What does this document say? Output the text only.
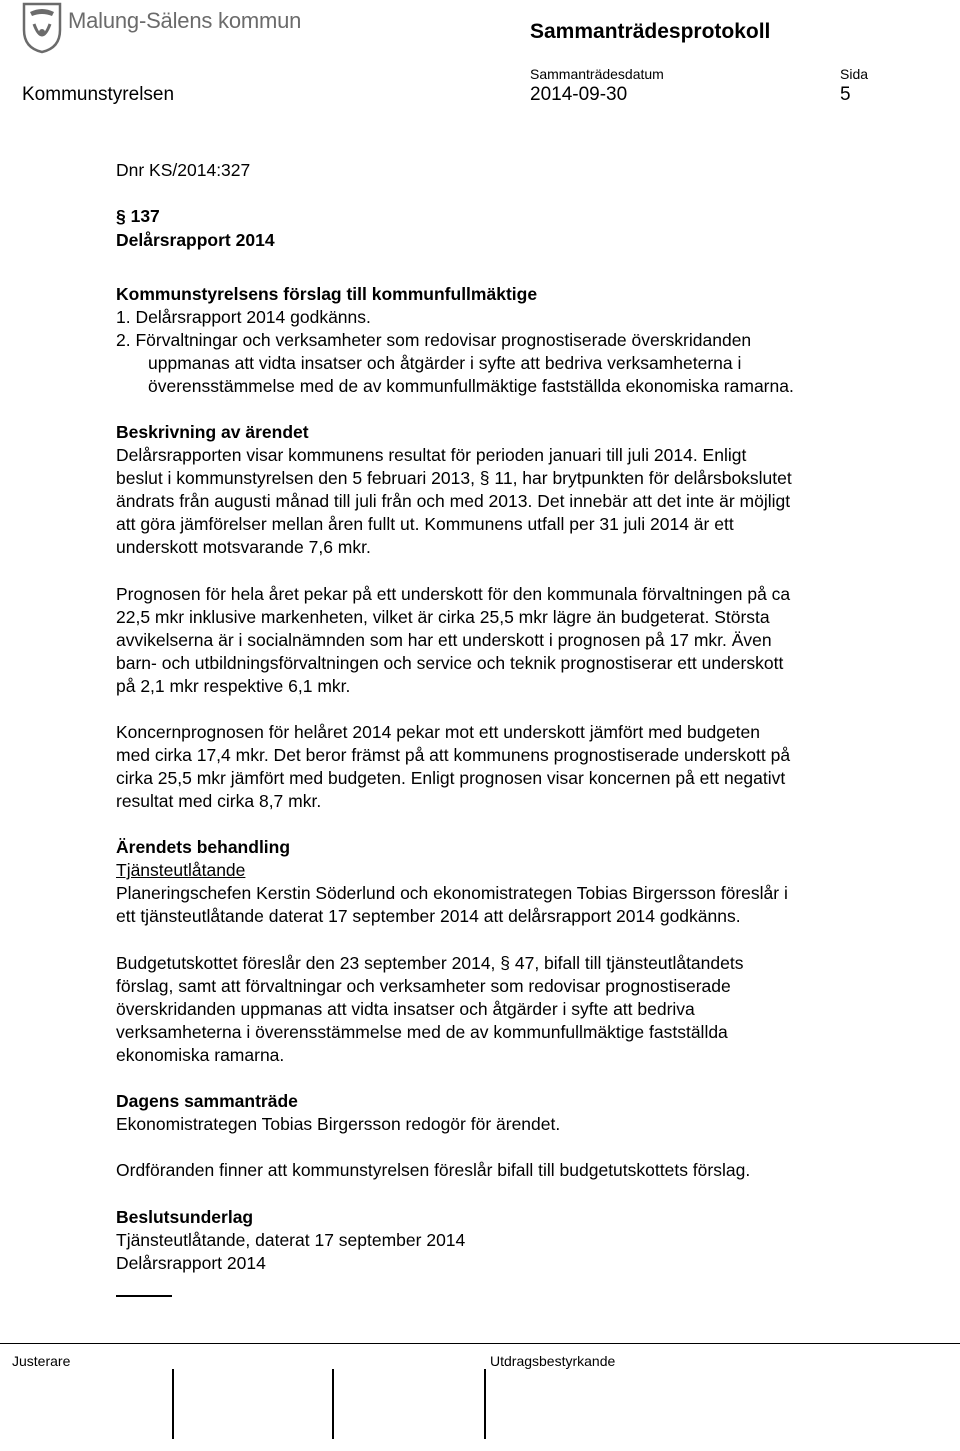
Malung-Sälens kommun	Sammanträdesprotokoll
Kommunstyrelsen
Sammanträdesdatum
2014-09-30
Sida
5
Dnr KS/2014:327
§ 137
Delårsrapport 2014
Kommunstyrelsens förslag till kommunfullmäktige
1. Delårsrapport 2014 godkänns.
2. Förvaltningar och verksamheter som redovisar prognostiserade överskridanden
uppmanas att vidta insatser och åtgärder i syfte att bedriva verksamheterna i
överensstämmelse med de av kommunfullmäktige fastställda ekonomiska ramarna.
Beskrivning av ärendet
Delårsrapporten visar kommunens resultat för perioden januari till juli 2014. Enligt
beslut i kommunstyrelsen den 5 februari 2013, § 11, har brytpunkten för delårsbokslutet
ändrats från augusti månad till juli från och med 2013. Det innebär att det inte är möjligt
att göra jämförelser mellan åren fullt ut. Kommunens utfall per 31 juli 2014 är ett
underskott motsvarande 7,6 mkr.
Prognosen för hela året pekar på ett underskott för den kommunala förvaltningen på ca
22,5 mkr inklusive markenheten, vilket är cirka 25,5 mkr lägre än budgeterat. Största
avvikelserna är i socialnämnden som har ett underskott i prognosen på 17 mkr. Även
barn- och utbildningsförvaltningen och service och teknik prognostiserar ett underskott
på 2,1 mkr respektive 6,1 mkr.
Koncernprognosen för helåret 2014 pekar mot ett underskott jämfört med budgeten
med cirka 17,4 mkr. Det beror främst på att kommunens prognostiserade underskott på
cirka 25,5 mkr jämfört med budgeten. Enligt prognosen visar koncernen på ett negativt
resultat med cirka 8,7 mkr.
Ärendets behandling
Tjänsteutlåtande
Planeringschefen Kerstin Söderlund och ekonomistrategen Tobias Birgersson föreslår i
ett tjänsteutlåtande daterat 17 september 2014 att delårsrapport 2014 godkänns.
Budgetutskottet föreslår den 23 september 2014, § 47, bifall till tjänsteutlåtandets
förslag, samt att förvaltningar och verksamheter som redovisar prognostiserade
överskridanden uppmanas att vidta insatser och åtgärder i syfte att bedriva
verksamheterna i överensstämmelse med de av kommunfullmäktige fastställda
ekonomiska ramarna.
Dagens sammanträde
Ekonomistrategen Tobias Birgersson redogör för ärendet.
Ordföranden finner att kommunstyrelsen föreslår bifall till budgetutskottets förslag.
Beslutsunderlag
Tjänsteutlåtande, daterat 17 september 2014
Delårsrapport 2014
Justerare	Utdragsbestyrkande
